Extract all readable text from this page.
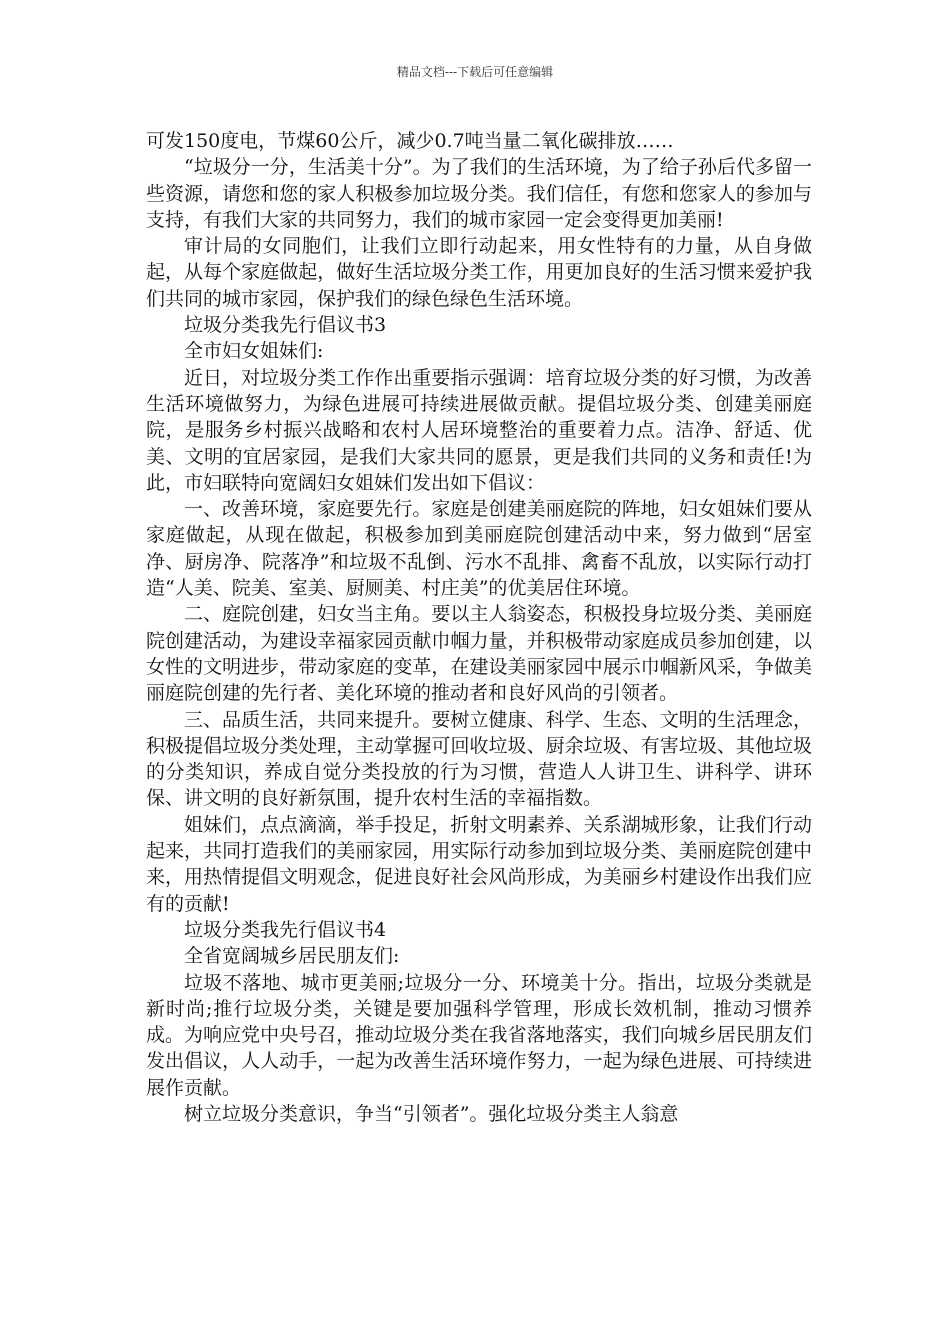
精品文档---下载后可任意编辑

可发150度电，节煤60公斤，减少0.7吨当量二氧化碳排放……

“垃圾分一分，生活美十分”。为了我们的生活环境，为了给子孙后代多留一些资源，请您和您的家人积极参加垃圾分类。我们信任，有您和您家人的参加与支持，有我们大家的共同努力，我们的城市家园一定会变得更加美丽!

审计局的女同胞们，让我们立即行动起来，用女性特有的力量，从自身做起，从每个家庭做起，做好生活垃圾分类工作，用更加良好的生活习惯来爱护我们共同的城市家园，保护我们的绿色绿色生活环境。

垃圾分类我先行倡议书3

全市妇女姐妹们:

近日，对垃圾分类工作作出重要指示强调：培育垃圾分类的好习惯，为改善生活环境做努力，为绿色进展可持续进展做贡献。提倡垃圾分类、创建美丽庭院，是服务乡村振兴战略和农村人居环境整治的重要着力点。洁净、舒适、优美、文明的宜居家园，是我们大家共同的愿景，更是我们共同的义务和责任!为此，市妇联特向宽阔妇女姐妹们发出如下倡议：

一、改善环境，家庭要先行。家庭是创建美丽庭院的阵地，妇女姐妹们要从家庭做起，从现在做起，积极参加到美丽庭院创建活动中来，努力做到“居室净、厨房净、院落净”和垃圾不乱倒、污水不乱排、禽畜不乱放，以实际行动打造“人美、院美、室美、厨厕美、村庄美”的优美居住环境。

二、庭院创建，妇女当主角。要以主人翁姿态，积极投身垃圾分类、美丽庭院创建活动，为建设幸福家园贡献巾帼力量，并积极带动家庭成员参加创建，以女性的文明进步，带动家庭的变革，在建设美丽家园中展示巾帼新风采，争做美丽庭院创建的先行者、美化环境的推动者和良好风尚的引领者。

三、品质生活，共同来提升。要树立健康、科学、生态、文明的生活理念，积极提倡垃圾分类处理，主动掌握可回收垃圾、厨余垃圾、有害垃圾、其他垃圾的分类知识，养成自觉分类投放的行为习惯，营造人人讲卫生、讲科学、讲环保、讲文明的良好新氛围，提升农村生活的幸福指数。

姐妹们，点点滴滴，举手投足，折射文明素养、关系湖城形象，让我们行动起来，共同打造我们的美丽家园，用实际行动参加到垃圾分类、美丽庭院创建中来，用热情提倡文明观念，促进良好社会风尚形成，为美丽乡村建设作出我们应有的贡献!

垃圾分类我先行倡议书4

全省宽阔城乡居民朋友们:

垃圾不落地、城市更美丽;垃圾分一分、环境美十分。指出，垃圾分类就是新时尚;推行垃圾分类，关键是要加强科学管理，形成长效机制，推动习惯养成。为响应党中央号召，推动垃圾分类在我省落地落实，我们向城乡居民朋友们发出倡议，人人动手，一起为改善生活环境作努力，一起为绿色进展、可持续进展作贡献。

树立垃圾分类意识，争当“引领者”。强化垃圾分类主人翁意
